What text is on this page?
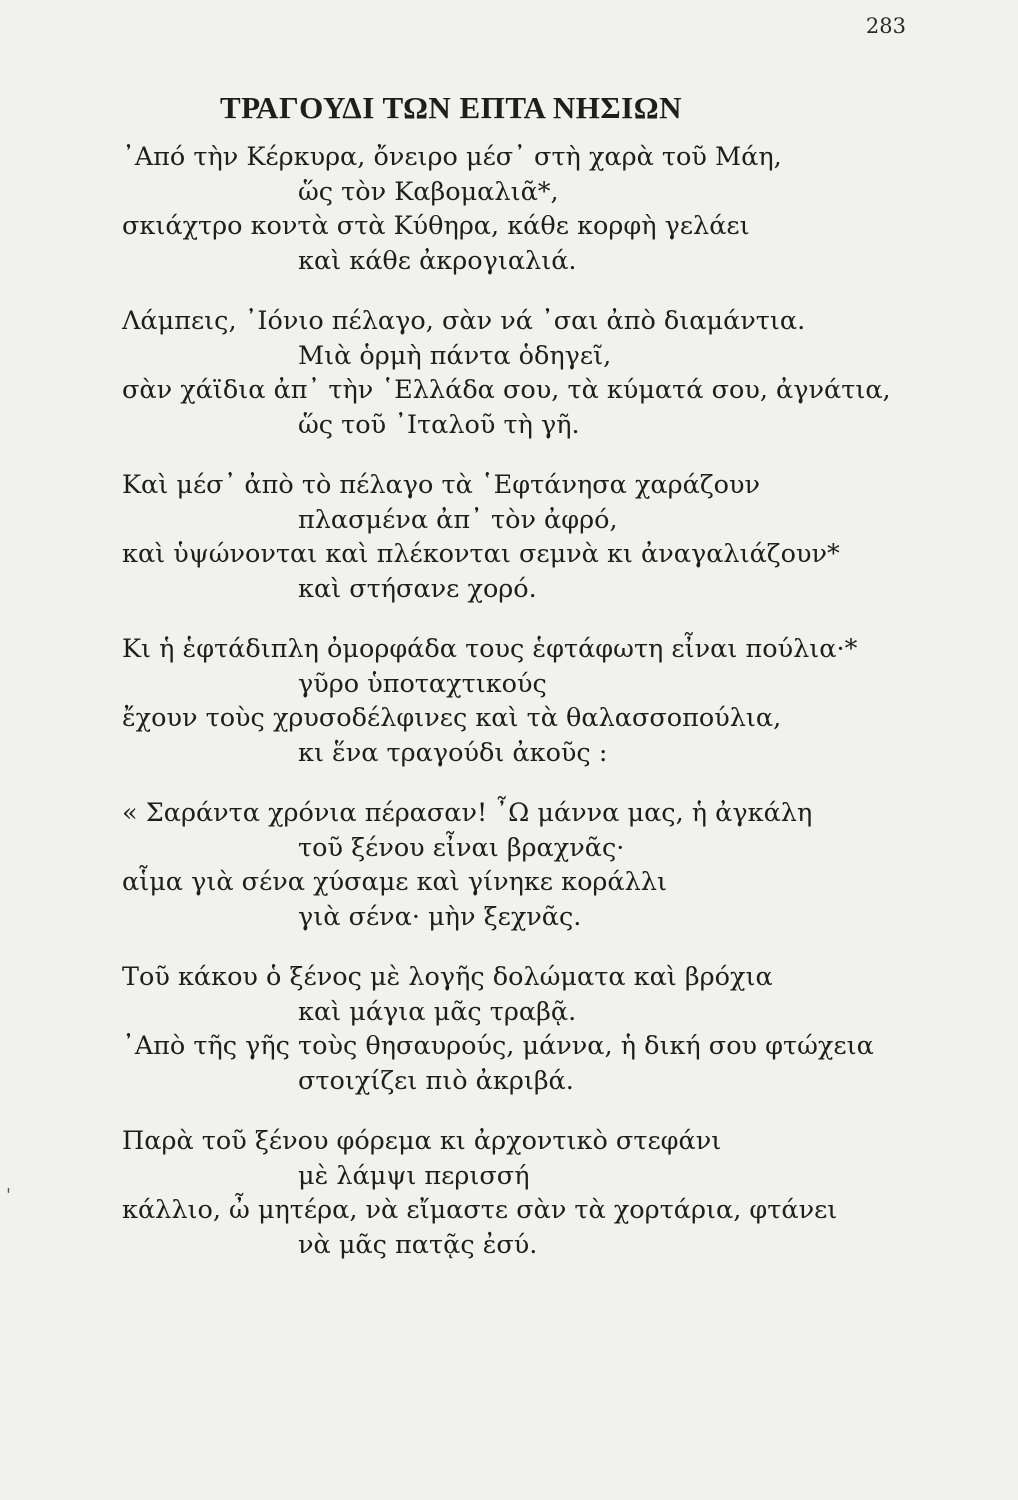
283
ΤΡΑΓΟΥΔΙ ΤΩΝ ΕΠΤΑ ΝΗΣΙΩΝ
᾿Από τὴν Κέρκυρα, ὄνειρο μέσ᾿ στὴ χαρὰ τοῦ Μάη,
ὥς τὸν Καβομαλιᾶ*,
σκιάχτρο κοντὰ στὰ Κύθηρα, κάθε κορφὴ γελάει
καὶ κάθε ἀκρογιαλιά.
Λάμπεις, ᾿Ιόνιο πέλαγο, σὰν νά ᾿σαι ἀπὸ διαμάντια.
Μιὰ ὁρμὴ πάντα ὁδηγεῖ,
σὰν χάϊδια ἀπ᾿ τὴν ῾Ελλάδα σου, τὰ κύματά σου, ἀγνάτια,
ὥς τοῦ ᾿Ιταλοῦ τὴ γῆ.
Καὶ μέσ᾿ ἀπὸ τὸ πέλαγο τὰ ῾Εφτάνησα χαράζουν
πλασμένα ἀπ᾿ τὸν ἀφρό,
καὶ ὑψώνονται καὶ πλέκονται σεμνὰ κι ἀναγαλιάζουν*
καὶ στήσανε χορό.
Κι ἡ ἑφτάδιπλη ὀμορφάδα τους ἑφτάφωτη εἶναι πούλια·*
γῦρο ὑποταχτικούς
ἔχουν τοὺς χρυσοδέλφινες καὶ τὰ θαλασσοπούλια,
κι ἕνα τραγούδι ἀκοῦς :
« Σαράντα χρόνια πέρασαν! ῏Ω μάννα μας, ἡ ἀγκάλη
τοῦ ξένου εἶναι βραχνᾶς·
αἷμα γιὰ σένα χύσαμε καὶ γίνηκε κοράλλι
γιὰ σένα· μὴν ξεχνᾶς.
Τοῦ κάκου ὁ ξένος μὲ λογῆς δολώματα καὶ βρόχια
καὶ μάγια μᾶς τραβᾷ.
᾿Απὸ τῆς γῆς τοὺς θησαυρούς, μάννα, ἡ δική σου φτώχεια
στοιχίζει πιὸ ἀκριβά.
Παρὰ τοῦ ξένου φόρεμα κι ἀρχοντικὸ στεφάνι
μὲ λάμψι περισσή
κάλλιο, ὦ μητέρα, νὰ εἴμαστε σὰν τὰ χορτάρια, φτάνει
νὰ μᾶς πατᾷς ἐσύ.
'
